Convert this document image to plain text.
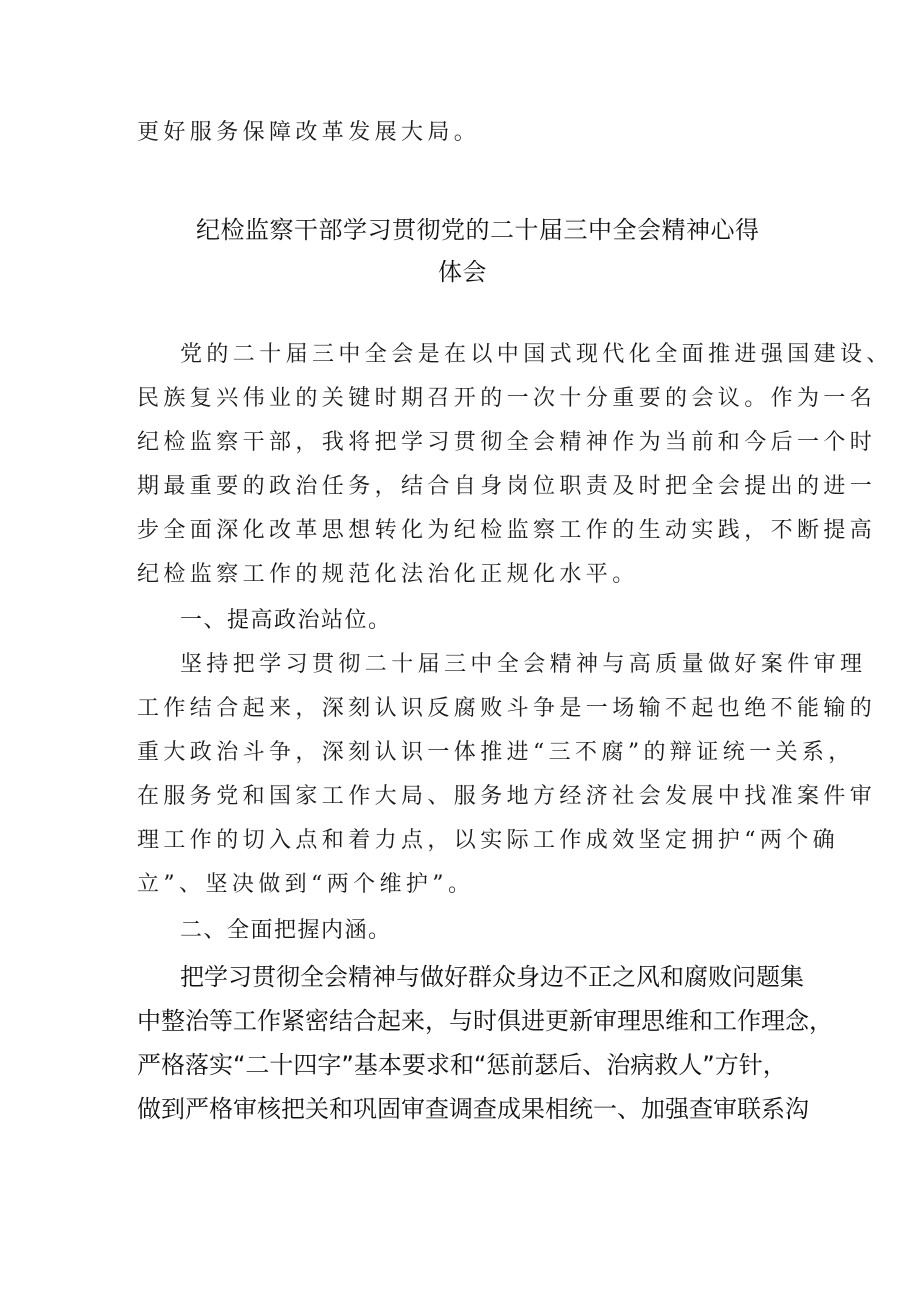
更好服务保障改革发展大局。
纪检监察干部学习贯彻党的二十届三中全会精神心得
体会
党的二十届三中全会是在以中国式现代化全面推进强国建设、
民族复兴伟业的关键时期召开的一次十分重要的会议。作为一名
纪检监察干部，我将把学习贯彻全会精神作为当前和今后一个时
期最重要的政治任务，结合自身岗位职责及时把全会提出的进一
步全面深化改革思想转化为纪检监察工作的生动实践，不断提高
纪检监察工作的规范化法治化正规化水平。
一、提高政治站位。
坚持把学习贯彻二十届三中全会精神与高质量做好案件审理
工作结合起来，深刻认识反腐败斗争是一场输不起也绝不能输的
重大政治斗争，深刻认识一体推进“三不腐”的辩证统一关系，
在服务党和国家工作大局、服务地方经济社会发展中找准案件审
理工作的切入点和着力点，以实际工作成效坚定拥护“两个确
立”、坚决做到“两个维护”。
二、全面把握内涵。
把学习贯彻全会精神与做好群众身边不正之风和腐败问题集
中整治等工作紧密结合起来，与时俱进更新审理思维和工作理念，
严格落实“二十四字”基本要求和“惩前瑟后、治病救人”方针，
做到严格审核把关和巩固审查调查成果相统一、加强查审联系沟
